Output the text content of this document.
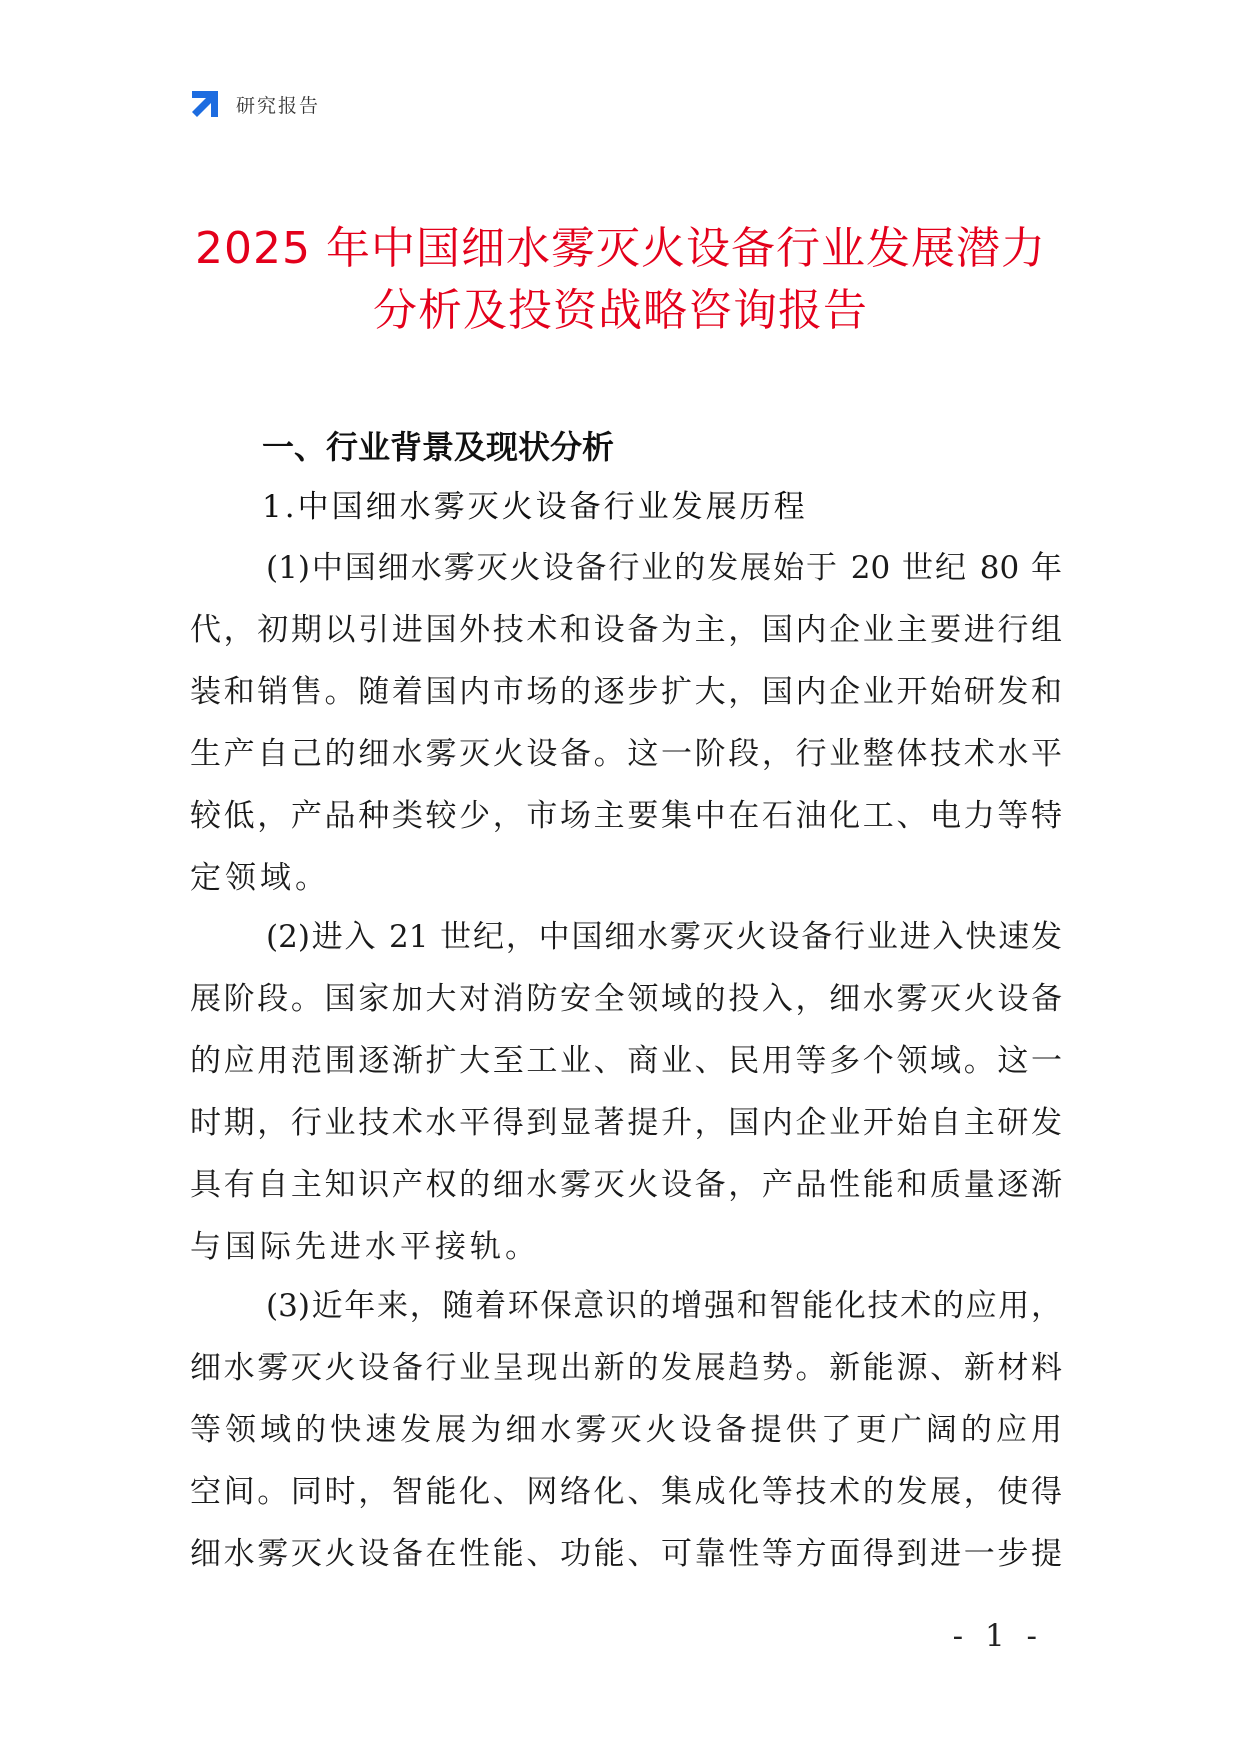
研究报告
2025 年中国细水雾灭火设备行业发展潜力
分析及投资战略咨询报告
一、行业背景及现状分析
1.中国细水雾灭火设备行业发展历程
(1)中国细水雾灭火设备行业的发展始于 20 世纪 80 年
代，初期以引进国外技术和设备为主，国内企业主要进行组
装和销售。随着国内市场的逐步扩大，国内企业开始研发和
生产自己的细水雾灭火设备。这一阶段，行业整体技术水平
较低，产品种类较少，市场主要集中在石油化工、电力等特
定领域。
(2)进入 21 世纪，中国细水雾灭火设备行业进入快速发
展阶段。国家加大对消防安全领域的投入，细水雾灭火设备
的应用范围逐渐扩大至工业、商业、民用等多个领域。这一
时期，行业技术水平得到显著提升，国内企业开始自主研发
具有自主知识产权的细水雾灭火设备，产品性能和质量逐渐
与国际先进水平接轨。
(3)近年来，随着环保意识的增强和智能化技术的应用，
细水雾灭火设备行业呈现出新的发展趋势。新能源、新材料
等领域的快速发展为细水雾灭火设备提供了更广阔的应用
空间。同时，智能化、网络化、集成化等技术的发展，使得
细水雾灭火设备在性能、功能、可靠性等方面得到进一步提
- 1 -
